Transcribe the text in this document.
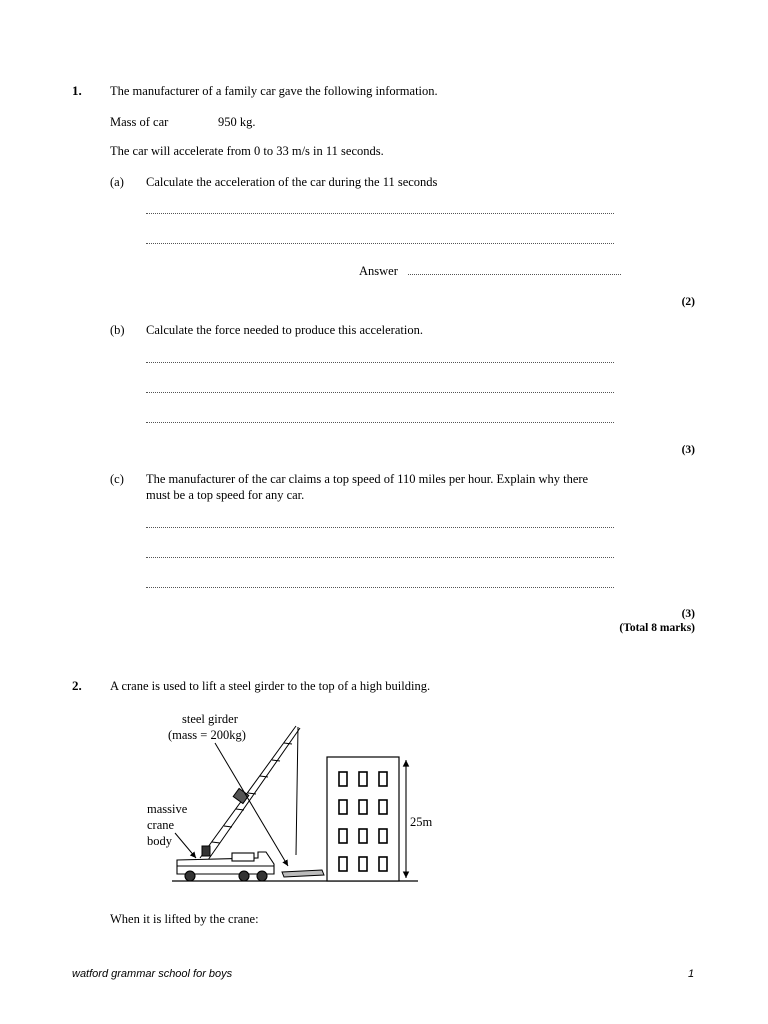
1. The manufacturer of a family car gave the following information.
Mass of car	950 kg.
The car will accelerate from 0 to 33 m/s in 11 seconds.
(a) Calculate the acceleration of the car during the 11 seconds
Answer
(2)
(b) Calculate the force needed to produce this acceleration.
(3)
(c) The manufacturer of the car claims a top speed of 110 miles per hour. Explain why there
must be a top speed for any car.
(3)
(Total 8 marks)
2. A crane is used to lift a steel girder to the top of a high building.
steel girder
(mass = 200kg)
massive
crane
body
25m
When it is lifted by the crane:
watford grammar school for boys	1
